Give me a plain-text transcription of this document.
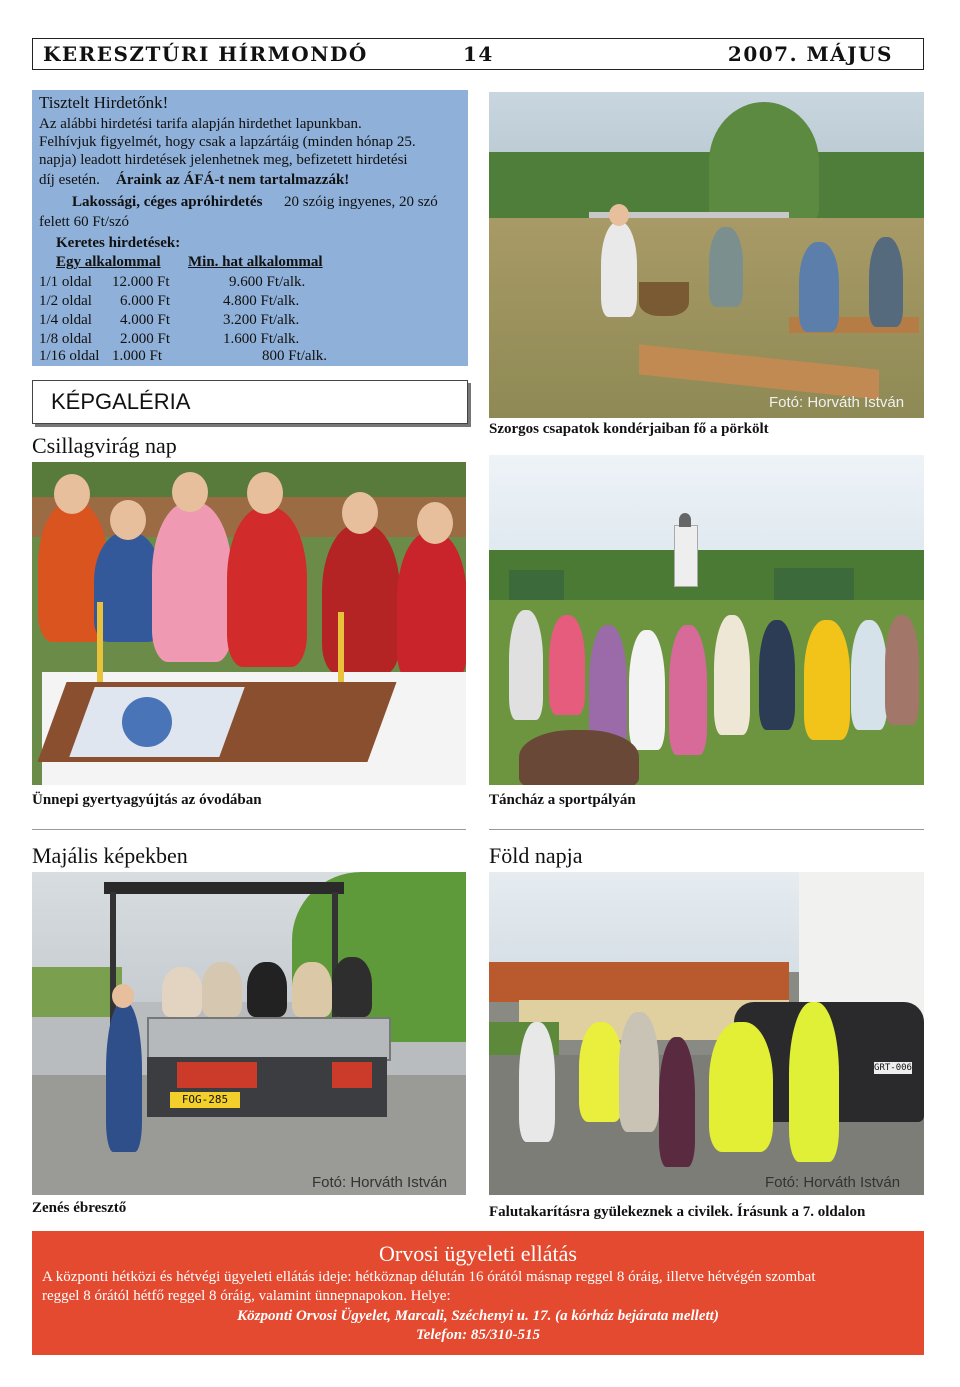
KERESZTÚRI HÍRMONDÓ	14	2007. MÁJUS
Tisztelt Hirdetőnk!
Az alábbi hirdetési tarifa alapján hirdethet lapunkban.
Felhívjuk figyelmét, hogy csak a lapzártáig (minden hónap 25.
napja) leadott hirdetések jelenhetnek meg, befizetett hirdetési
díj esetén. Áraink az ÁFÁ-t nem tartalmazzák!
Lakossági, céges apróhirdetés 20 szóig ingyenes, 20 szó
felett 60 Ft/szó
Keretes hirdetések:
Egy alkalommal Min. hat alkalommal
1/1 oldal 12.000 Ft	9.600 Ft/alk.
1/2 oldal 6.000 Ft	4.800 Ft/alk.
1/4 oldal 4.000 Ft	3.200 Ft/alk.
1/8 oldal 2.000 Ft	1.600 Ft/alk.
1/16 oldal 1.000 Ft	800 Ft/alk.
Fotó: Horváth István
Szorgos csapatok kondérjaiban fő a pörkölt
KÉPGALÉRIA
Csillagvirág nap
Ünnepi gyertyagyújtás az óvodában	Táncház a sportpályán
Majális képekben	Föld napja
FOG-285
Fotó: Horváth István
Zenés ébresztő
GRT-006
Fotó: Horváth István
Falutakarításra gyülekeznek a civilek. Írásunk a 7. oldalon
Orvosi ügyeleti ellátás
A központi hétközi és hétvégi ügyeleti ellátás ideje: hétköznap délután 16 órától másnap reggel 8 óráig, illetve hétvégén szombat
reggel 8 órától hétfő reggel 8 óráig, valamint ünnepnapokon. Helye:
Központi Orvosi Ügyelet, Marcali, Széchenyi u. 17. (a kórház bejárata mellett)
Telefon: 85/310-515
